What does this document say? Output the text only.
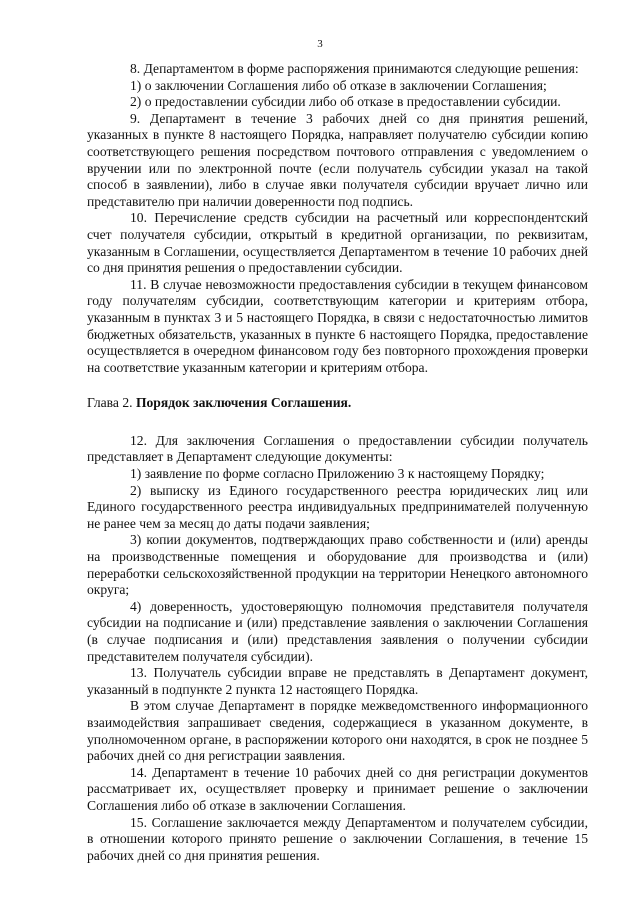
3

8. Департаментом в форме распоряжения принимаются следующие решения:

1) о заключении Соглашения либо об отказе в заключении Соглашения;

2) о предоставлении субсидии либо об отказе в предоставлении субсидии.

9. Департамент в течение 3 рабочих дней со дня принятия решений, указанных в пункте 8 настоящего Порядка, направляет получателю субсидии копию соответствующего решения посредством почтового отправления с уведомлением о вручении или по электронной почте (если получатель субсидии указал на такой способ в заявлении), либо в случае явки получателя субсидии вручает лично или представителю при наличии доверенности под подпись.

10. Перечисление средств субсидии на расчетный или корреспондентский счет получателя субсидии, открытый в кредитной организации, по реквизитам, указанным в Соглашении, осуществляется Департаментом в течение 10 рабочих дней со дня принятия решения о предоставлении субсидии.

11. В случае невозможности предоставления субсидии в текущем финансовом году получателям субсидии, соответствующим категории и критериям отбора, указанным в пунктах 3 и 5 настоящего Порядка, в связи с недостаточностью лимитов бюджетных обязательств, указанных в пункте 6 настоящего Порядка, предоставление осуществляется в очередном финансовом году без повторного прохождения проверки на соответствие указанным категории и критериям отбора.

Глава 2. Порядок заключения Соглашения.

12. Для заключения Соглашения о предоставлении субсидии получатель представляет в Департамент следующие документы:

1) заявление по форме согласно Приложению 3 к настоящему Порядку;

2) выписку из Единого государственного реестра юридических лиц или Единого государственного реестра индивидуальных предпринимателей полученную не ранее чем за месяц до даты подачи заявления;

3) копии документов, подтверждающих право собственности и (или) аренды на производственные помещения и оборудование для производства и (или) переработки сельскохозяйственной продукции на территории Ненецкого автономного округа;

4) доверенность, удостоверяющую полномочия представителя получателя субсидии на подписание и (или) представление заявления о заключении Соглашения (в случае подписания и (или) представления заявления о получении субсидии представителем получателя субсидии).

13. Получатель субсидии вправе не представлять в Департамент документ, указанный в подпункте 2 пункта 12 настоящего Порядка.

В этом случае Департамент в порядке межведомственного информационного взаимодействия запрашивает сведения, содержащиеся в указанном документе, в уполномоченном органе, в распоряжении которого они находятся, в срок не позднее 5 рабочих дней со дня регистрации заявления.

14. Департамент в течение 10 рабочих дней со дня регистрации документов рассматривает их, осуществляет проверку и принимает решение о заключении Соглашения либо об отказе в заключении Соглашения.

15. Соглашение заключается между Департаментом и получателем субсидии, в отношении которого принято решение о заключении Соглашения, в течение 15 рабочих дней со дня принятия решения.
